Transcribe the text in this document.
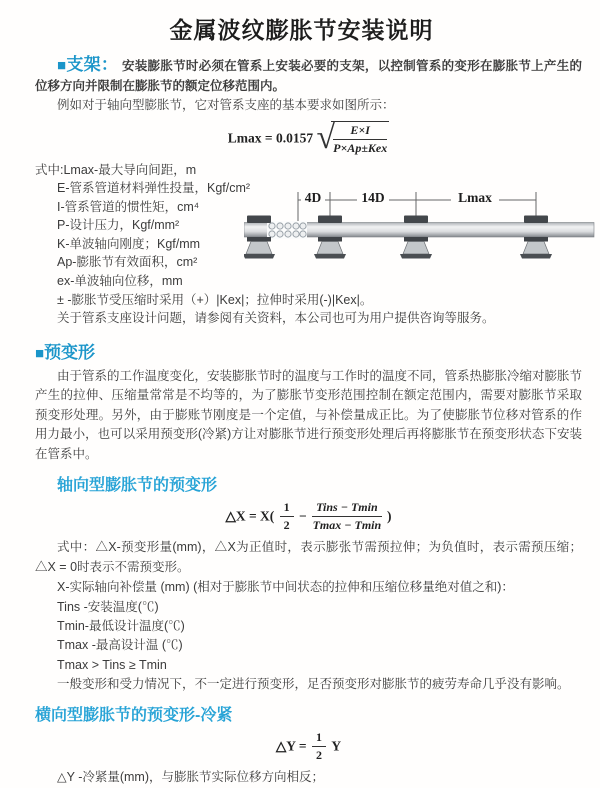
金属波纹膨胀节安装说明

■支架： 安装膨胀节时必须在管系上安装必要的支架，以控制管系的变形在膨胀节上产生的位移方向并限制在膨胀节的额定位移范围内。

例如对于轴向型膨胀节，它对管系支座的基本要求如图所示：

Lmax = 0.0157 √
$\frac{E\times I}{\text{P×Ap±Kex}}$
式中:Lmax-最大导向间距，m
E-管系管道材料弹性投量，Kgf/cm²
I-管系管道的惯性矩，cm⁴
P-设计压力，Kgf/mm²
K-单波轴向刚度；Kgf/mm
Ap-膨胀节有效面积，cm²
ex-单波轴向位移，mm
± -膨胀节受压缩时采用（+）|Kex|；拉伸时采用(-)|Kex|。
关于管系支座设计问题，请参阅有关资料，本公司也可为用户提供咨询等服务。
4D	14D	Lmax
■预变形

由于管系的工作温度变化，安装膨胀节时的温度与工作时的温度不同，管系热膨胀冷缩对膨胀节产生的拉伸、压缩量常常是不均等的，为了膨胀节变形范围控制在额定范围内，需要对膨胀节采取预变形处理。另外，由于膨账节刚度是一个定值，与补偿量成正比。为了使膨胀节位移对管系的作用力最小，也可以采用预变形(冷紧)方让对膨胀节进行预变形处理后再将膨胀节在预变形状态下安装在管系中。

轴向型膨胀节的预变形
△X = $X( \frac{1}{2} - \frac{\text{Tins − Tmin}}{Tmax - Tmin}$ )

式中：△X-预变形量(mm)，△X为正值时，表示膨张节需预拉伸；为负值时，表示需预压缩；△X = 0时表示不需预变形。

X-实际轴向补偿量 (mm) (相对于膨胀节中间状态的拉伸和压缩位移量绝对值之和)：
Tins -安装温度(℃)
Tmin-最低设计温度(℃)
Tmax -最高设计温 (℃)
Tmax > Tins ≥ Tmin
一般变形和受力情况下，不一定进行预变形，足否预变形对膨胀节的疲劳寿命几乎没有影响。
横向型膨胀节的预变形-冷紧
△Y = $\frac{1}{2}$ Y

△Y -冷紧量(mm)，与膨胀节实际位移方向相反；
